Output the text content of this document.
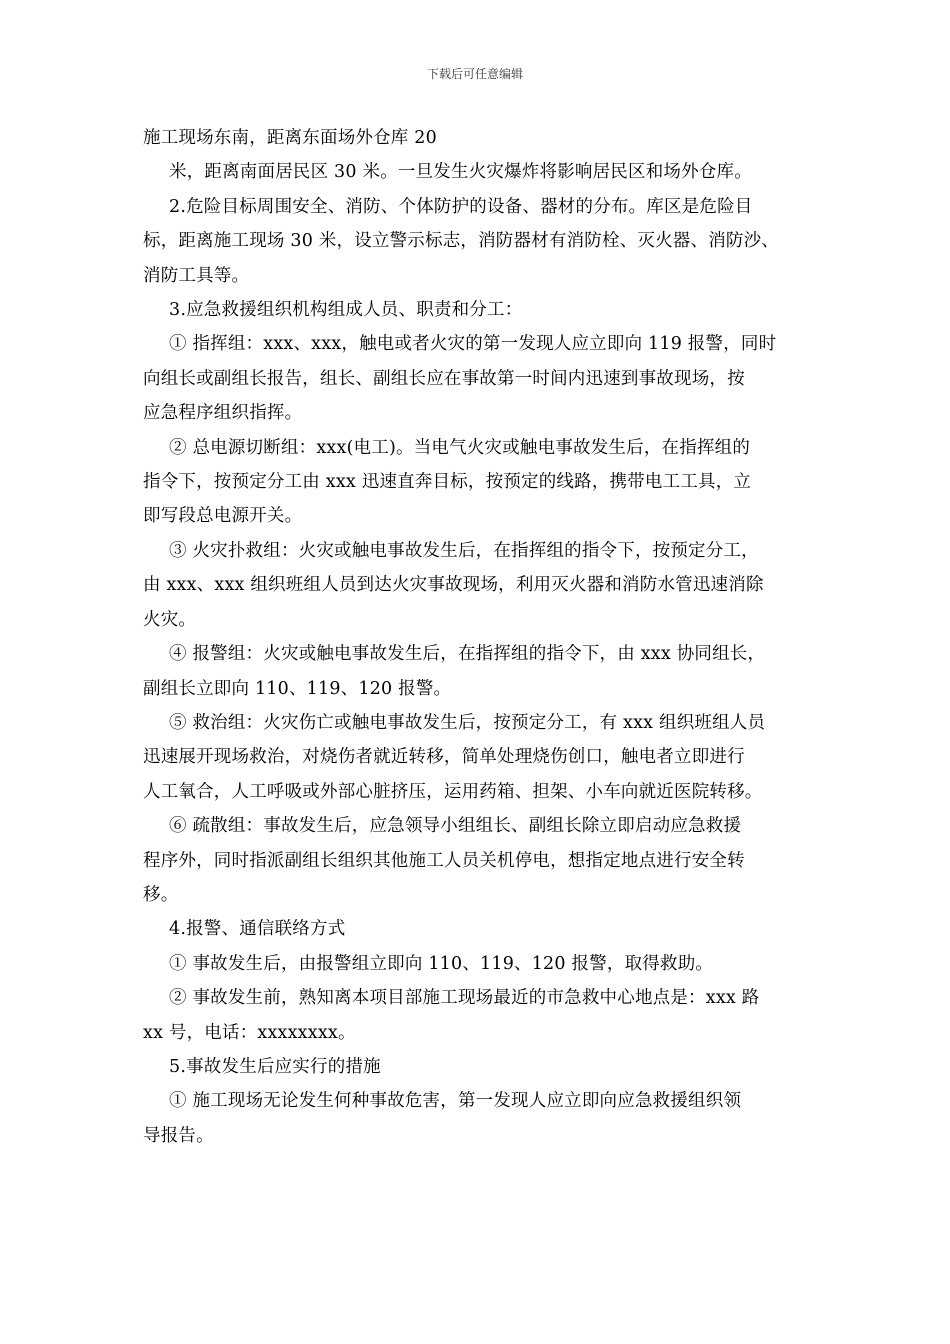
下载后可任意编辑

施工现场东南，距离东面场外仓库 20

米，距离南面居民区 30 米。一旦发生火灾爆炸将影响居民区和场外仓库。

2.危险目标周围安全、消防、个体防护的设备、器材的分布。库区是危险目

标，距离施工现场 30 米，设立警示标志，消防器材有消防栓、灭火器、消防沙、

消防工具等。

3.应急救援组织机构组成人员、职责和分工：

① 指挥组：xxx、xxx，触电或者火灾的第一发现人应立即向 119 报警，同时

向组长或副组长报告，组长、副组长应在事故第一时间内迅速到事故现场，按

应急程序组织指挥。

② 总电源切断组：xxx(电工)。当电气火灾或触电事故发生后，在指挥组的

指令下，按预定分工由 xxx 迅速直奔目标，按预定的线路，携带电工工具，立

即写段总电源开关。

③ 火灾扑救组：火灾或触电事故发生后，在指挥组的指令下，按预定分工，

由 xxx、xxx 组织班组人员到达火灾事故现场，利用灭火器和消防水管迅速消除

火灾。

④ 报警组：火灾或触电事故发生后，在指挥组的指令下，由 xxx 协同组长，

副组长立即向 110、119、120 报警。

⑤ 救治组：火灾伤亡或触电事故发生后，按预定分工，有 xxx 组织班组人员

迅速展开现场救治，对烧伤者就近转移，简单处理烧伤创口，触电者立即进行

人工氧合，人工呼吸或外部心脏挤压，运用药箱、担架、小车向就近医院转移。

⑥ 疏散组：事故发生后，应急领导小组组长、副组长除立即启动应急救援

程序外，同时指派副组长组织其他施工人员关机停电，想指定地点进行安全转

移。

4.报警、通信联络方式

① 事故发生后，由报警组立即向 110、119、120 报警，取得救助。

② 事故发生前，熟知离本项目部施工现场最近的市急救中心地点是：xxx 路

xx 号，电话：xxxxxxxx。

5.事故发生后应实行的措施

① 施工现场无论发生何种事故危害，第一发现人应立即向应急救援组织领

导报告。
